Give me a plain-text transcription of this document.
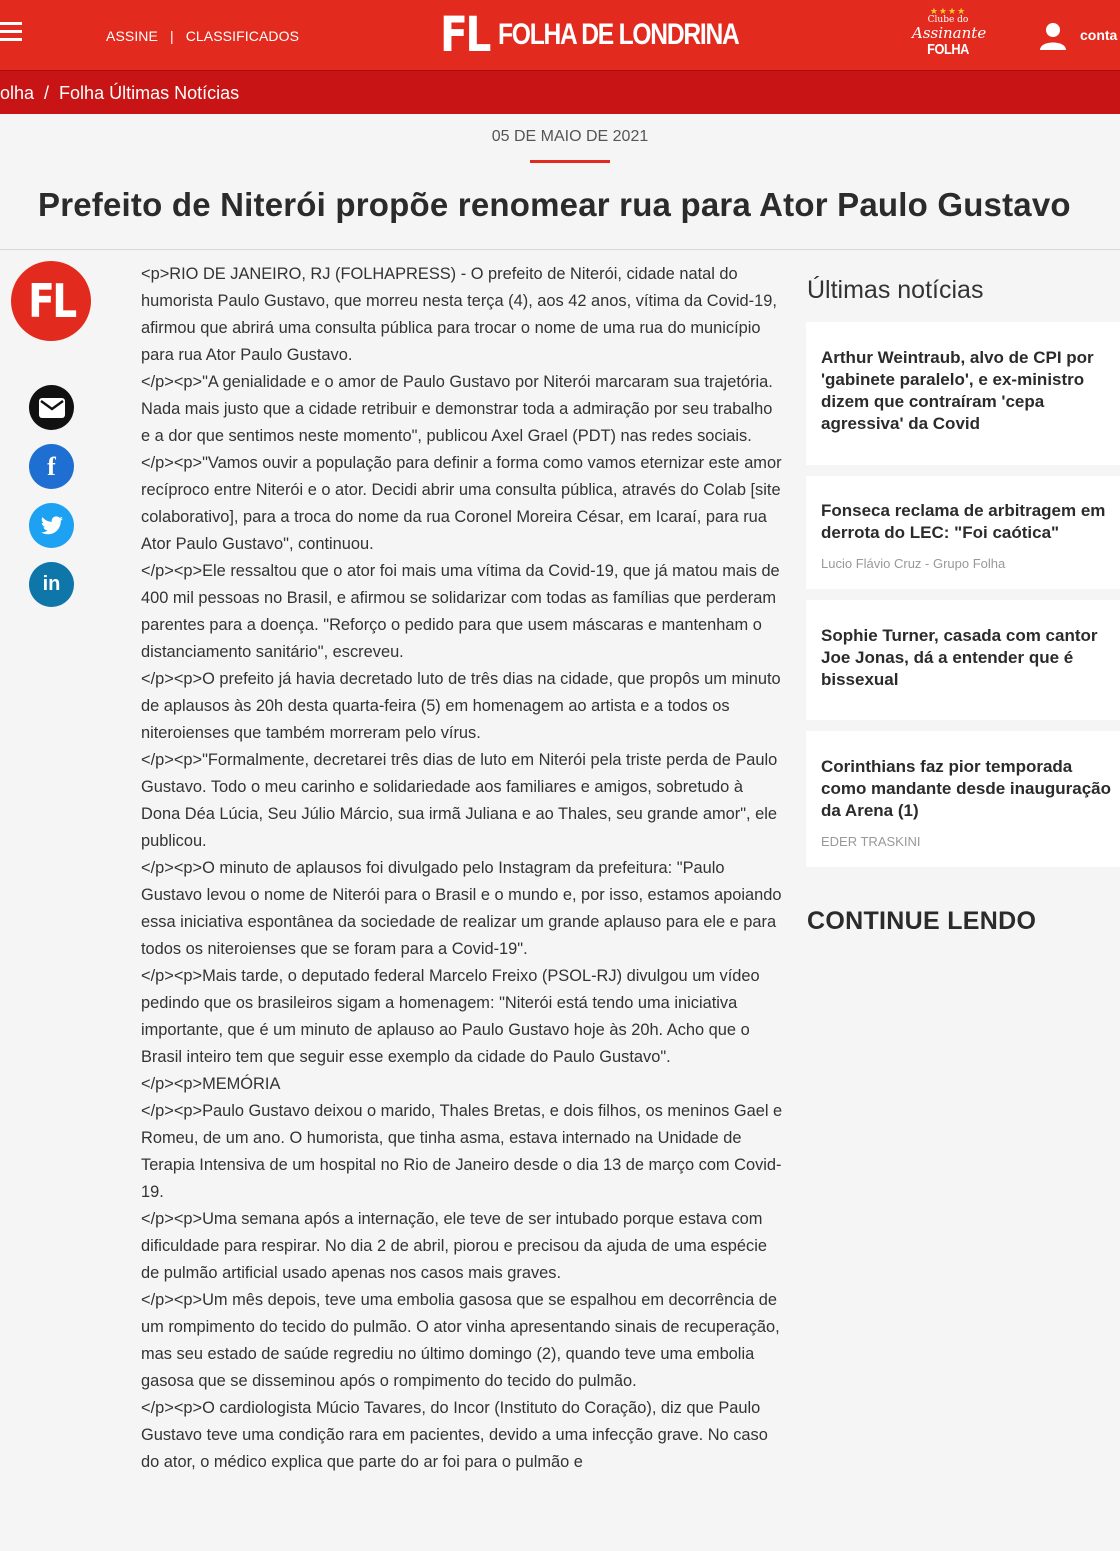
ASSINE | CLASSIFICADOS	FL FOLHA DE LONDRINA
★★★★
Clube do
Assinante
FOLHA
conta
olha / Folha Últimas Notícias
05 DE MAIO DE 2021
Prefeito de Niterói propõe renomear rua para Ator Paulo Gustavo
FL
f
in

<p>RIO DE JANEIRO, RJ (FOLHAPRESS) - O prefeito de Niterói, cidade natal do humorista Paulo Gustavo, que morreu nesta terça (4), aos 42 anos, vítima da Covid-19, afirmou que abrirá uma consulta pública para trocar o nome de uma rua do município para rua Ator Paulo Gustavo.
</p><p>"A genialidade e o amor de Paulo Gustavo por Niterói marcaram sua trajetória. Nada mais justo que a cidade retribuir e demonstrar toda a admiração por seu trabalho e a dor que sentimos neste momento", publicou Axel Grael (PDT) nas redes sociais.
</p><p>"Vamos ouvir a população para definir a forma como vamos eternizar este amor recíproco entre Niterói e o ator. Decidi abrir uma consulta pública, através do Colab [site colaborativo], para a troca do nome da rua Coronel Moreira César, em Icaraí, para rua Ator Paulo Gustavo", continuou.
</p><p>Ele ressaltou que o ator foi mais uma vítima da Covid-19, que já matou mais de 400 mil pessoas no Brasil, e afirmou se solidarizar com todas as famílias que perderam parentes para a doença. "Reforço o pedido para que usem máscaras e mantenham o distanciamento sanitário", escreveu.
</p><p>O prefeito já havia decretado luto de três dias na cidade, que propôs um minuto de aplausos às 20h desta quarta-feira (5) em homenagem ao artista e a todos os niteroienses que também morreram pelo vírus.
</p><p>"Formalmente, decretarei três dias de luto em Niterói pela triste perda de Paulo Gustavo. Todo o meu carinho e solidariedade aos familiares e amigos, sobretudo à Dona Déa Lúcia, Seu Júlio Márcio, sua irmã Juliana e ao Thales, seu grande amor", ele publicou.
</p><p>O minuto de aplausos foi divulgado pelo Instagram da prefeitura: "Paulo Gustavo levou o nome de Niterói para o Brasil e o mundo e, por isso, estamos apoiando essa iniciativa espontânea da sociedade de realizar um grande aplauso para ele e para todos os niteroienses que se foram para a Covid-19".
</p><p>Mais tarde, o deputado federal Marcelo Freixo (PSOL-RJ) divulgou um vídeo pedindo que os brasileiros sigam a homenagem: "Niterói está tendo uma iniciativa importante, que é um minuto de aplauso ao Paulo Gustavo hoje às 20h. Acho que o Brasil inteiro tem que seguir esse exemplo da cidade do Paulo Gustavo".
</p><p>MEMÓRIA
</p><p>Paulo Gustavo deixou o marido, Thales Bretas, e dois filhos, os meninos Gael e Romeu, de um ano. O humorista, que tinha asma, estava internado na Unidade de Terapia Intensiva de um hospital no Rio de Janeiro desde o dia 13 de março com Covid-19.
</p><p>Uma semana após a internação, ele teve de ser intubado porque estava com dificuldade para respirar. No dia 2 de abril, piorou e precisou da ajuda de uma espécie de pulmão artificial usado apenas nos casos mais graves.
</p><p>Um mês depois, teve uma embolia gasosa que se espalhou em decorrência de um rompimento do tecido do pulmão. O ator vinha apresentando sinais de recuperação, mas seu estado de saúde regrediu no último domingo (2), quando teve uma embolia gasosa que se disseminou após o rompimento do tecido do pulmão.
</p><p>O cardiologista Múcio Tavares, do Incor (Instituto do Coração), diz que Paulo Gustavo teve uma condição rara em pacientes, devido a uma infecção grave. No caso do ator, o médico explica que parte do ar foi para o pulmão e

Últimas notícias
Arthur Weintraub, alvo de CPI por 'gabinete paralelo', e ex-ministro dizem que contraíram 'cepa agressiva' da Covid
Fonseca reclama de arbitragem em derrota do LEC: "Foi caótica"
Lucio Flávio Cruz - Grupo Folha
Sophie Turner, casada com cantor Joe Jonas, dá a entender que é bissexual
Corinthians faz pior temporada como mandante desde inauguração da Arena (1)
EDER TRASKINI
CONTINUE LENDO
